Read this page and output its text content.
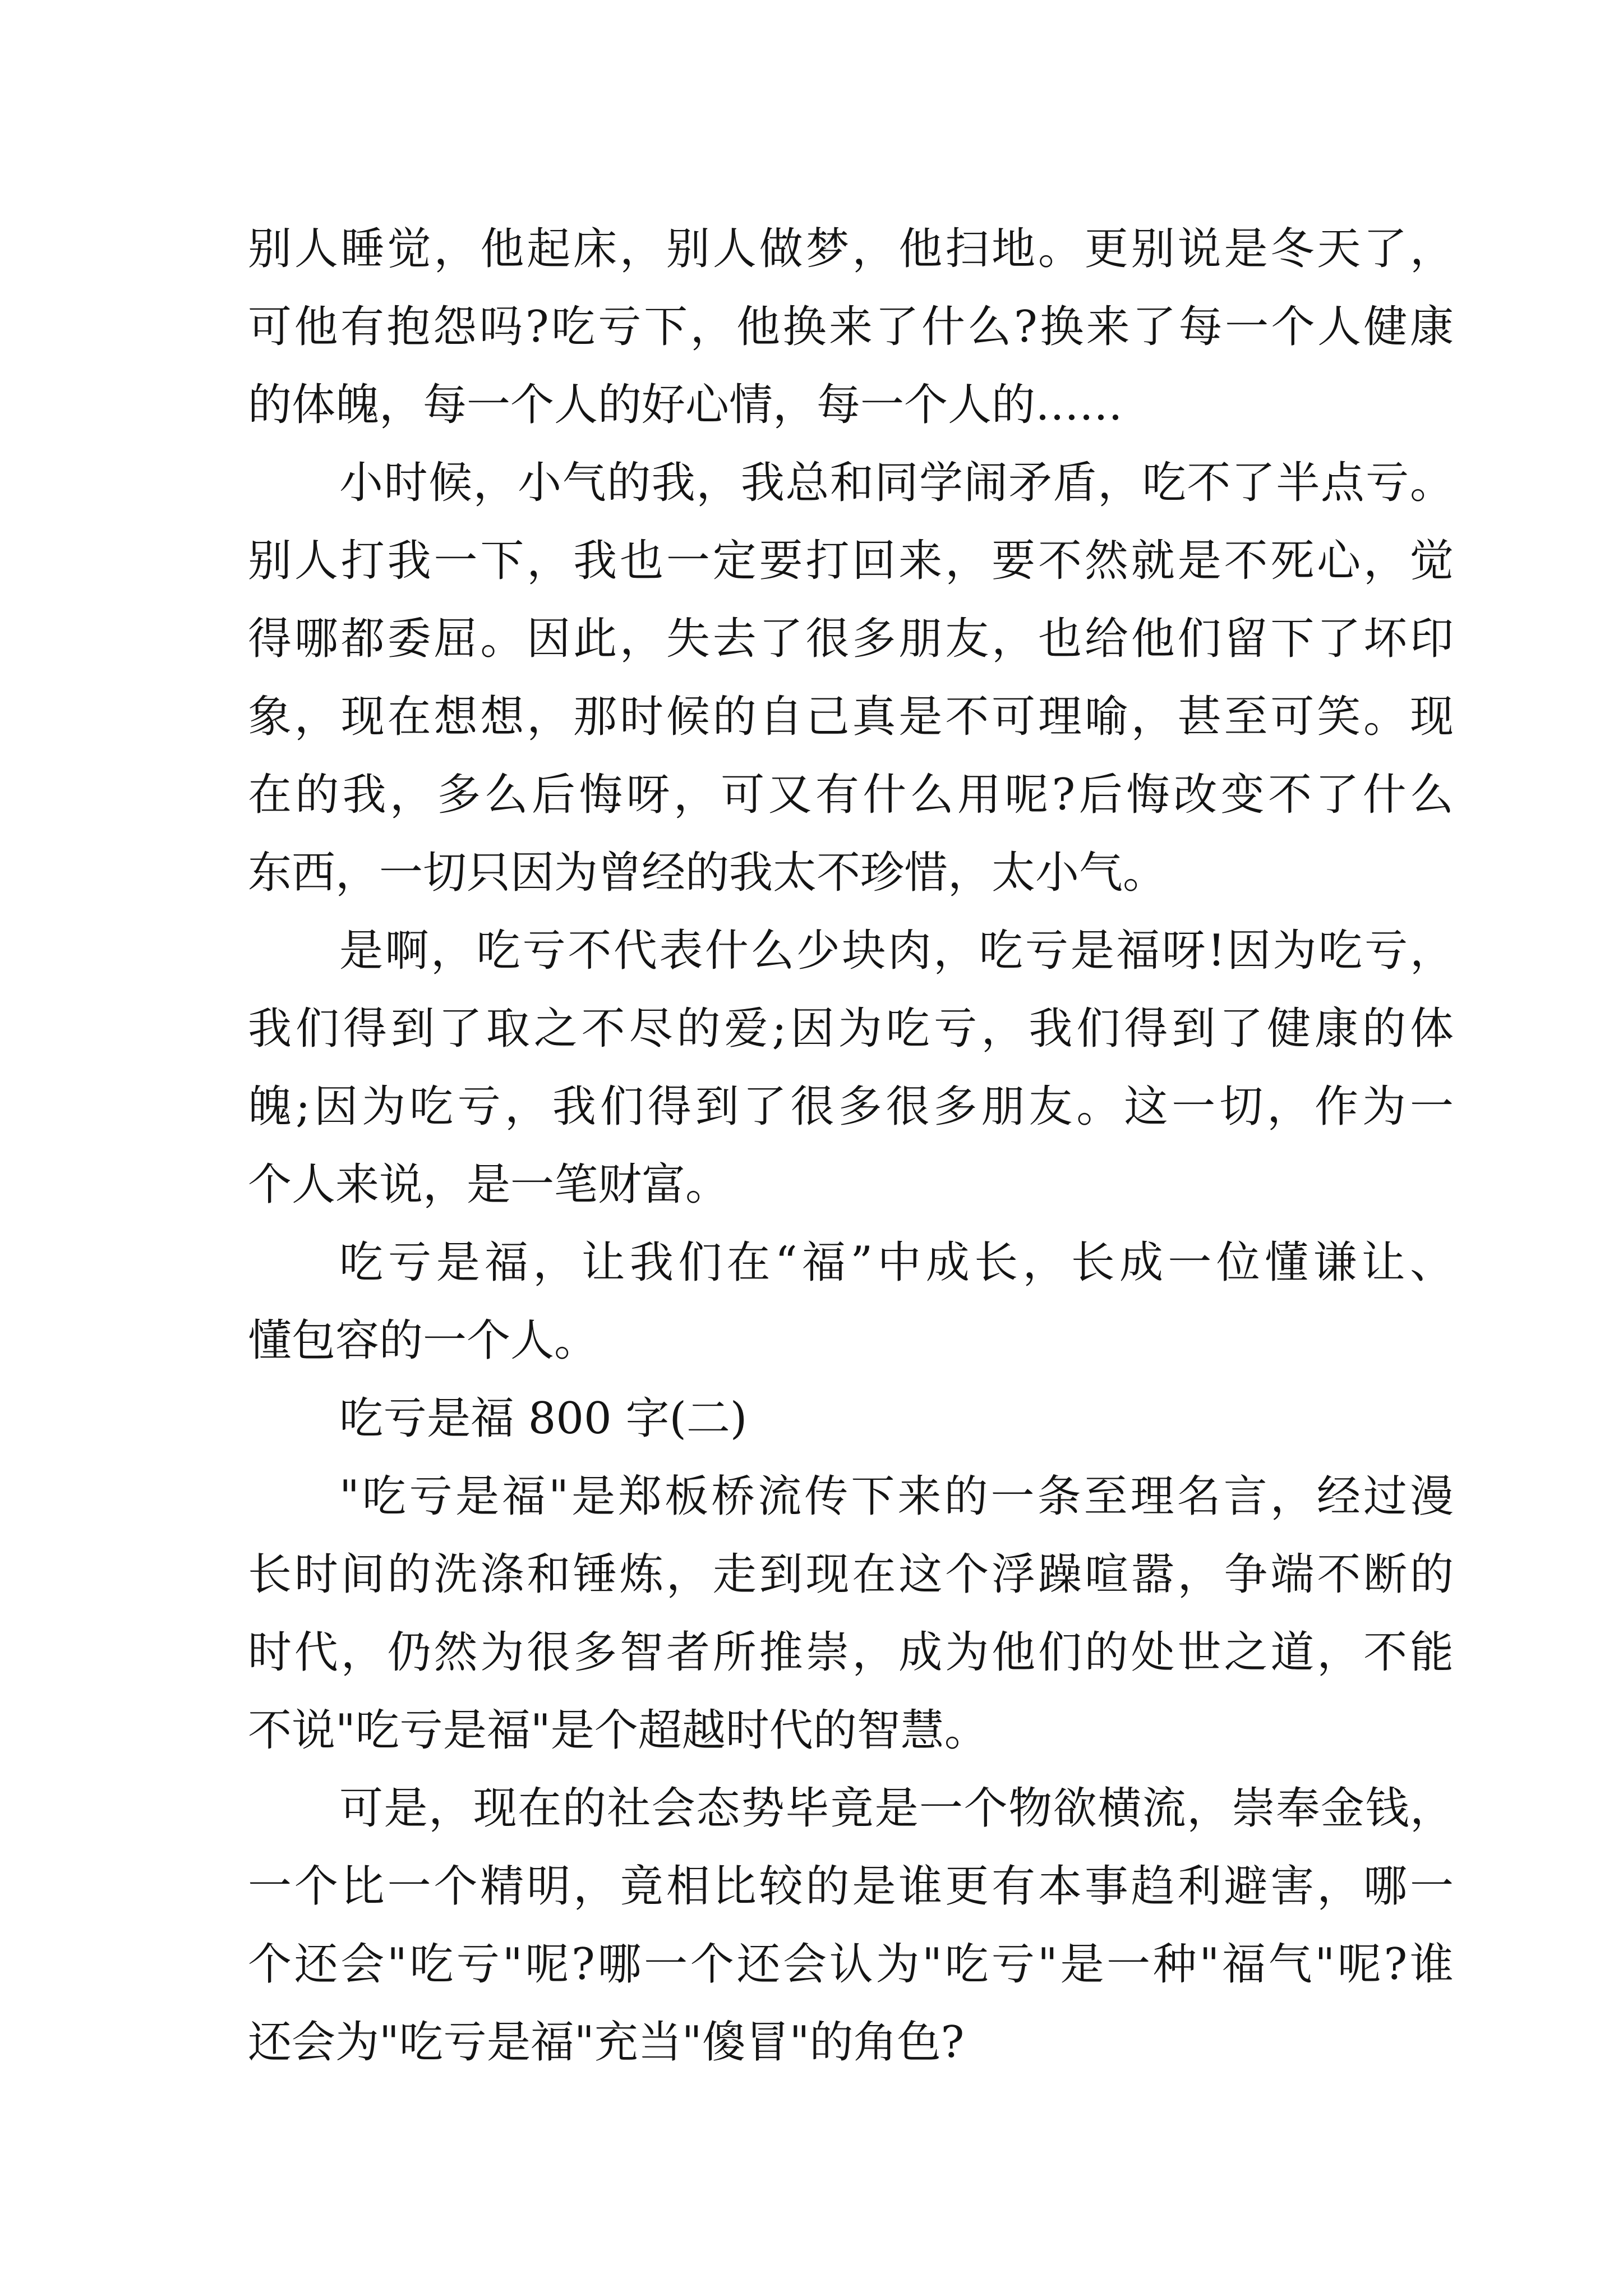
别人睡觉，他起床，别人做梦，他扫地。更别说是冬天了，
可他有抱怨吗?吃亏下，他换来了什么?换来了每一个人健康
的体魄，每一个人的好心情，每一个人的……
小时候，小气的我，我总和同学闹矛盾，吃不了半点亏。
别人打我一下，我也一定要打回来，要不然就是不死心，觉
得哪都委屈。因此，失去了很多朋友，也给他们留下了坏印
象，现在想想，那时候的自己真是不可理喻，甚至可笑。现
在的我，多么后悔呀，可又有什么用呢?后悔改变不了什么
东西，一切只因为曾经的我太不珍惜，太小气。
是啊，吃亏不代表什么少块肉，吃亏是福呀!因为吃亏，
我们得到了取之不尽的爱;因为吃亏，我们得到了健康的体
魄;因为吃亏，我们得到了很多很多朋友。这一切，作为一
个人来说，是一笔财富。
吃亏是福，让我们在“福”中成长，长成一位懂谦让、
懂包容的一个人。
吃亏是福 800 字(二)
"吃亏是福"是郑板桥流传下来的一条至理名言，经过漫
长时间的洗涤和锤炼，走到现在这个浮躁喧嚣，争端不断的
时代，仍然为很多智者所推崇，成为他们的处世之道，不能
不说"吃亏是福"是个超越时代的智慧。
可是，现在的社会态势毕竟是一个物欲横流，崇奉金钱，
一个比一个精明，竟相比较的是谁更有本事趋利避害，哪一
个还会"吃亏"呢?哪一个还会认为"吃亏"是一种"福气"呢?谁
还会为"吃亏是福"充当"傻冒"的角色?
